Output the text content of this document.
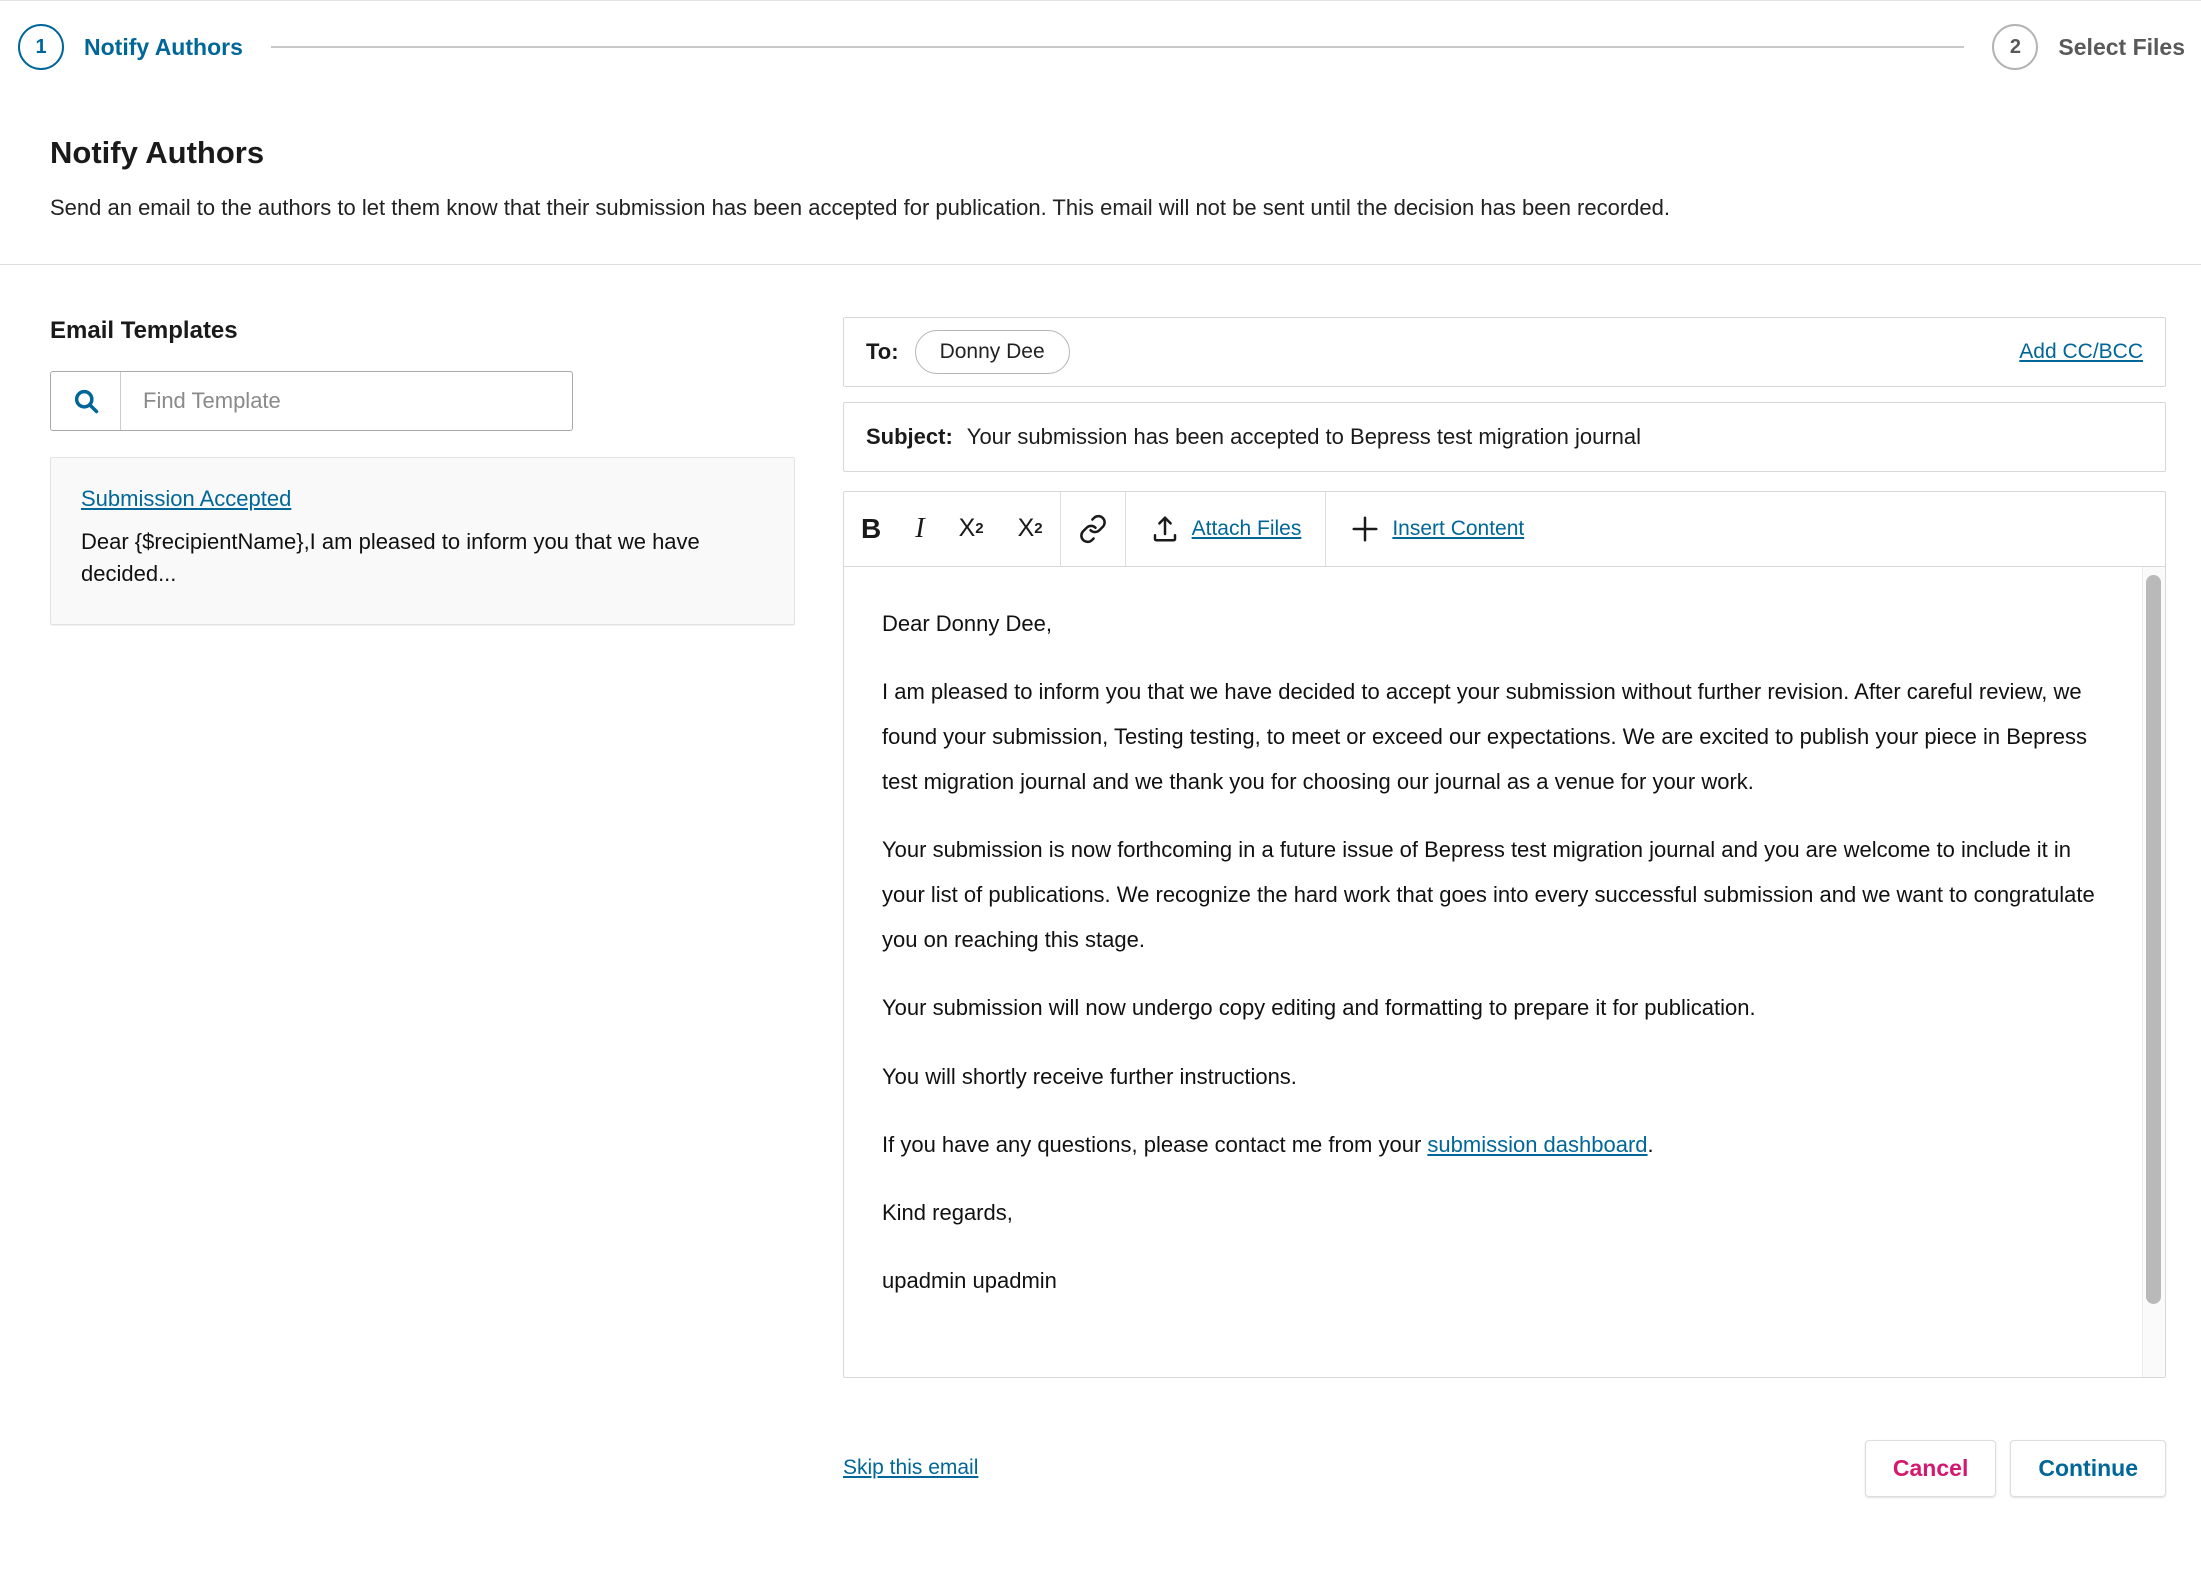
1 Notify Authors	2 Select Files
Notify Authors

Send an email to the authors to let them know that their submission has been accepted for publication. This email will not be sent until the decision has been recorded.

Email Templates
Find Template
Submission Accepted

Dear {$recipientName},I am pleased to inform you that we have decided...

To:	Donny Dee	Add CC/BCC
Subject: Your submission has been accepted to Bepress test migration journal
B I X 2 X 2	Attach Files	Insert Content

Dear Donny Dee,

I am pleased to inform you that we have decided to accept your submission without further revision. After careful review, we found your submission, Testing testing, to meet or exceed our expectations. We are excited to publish your piece in Bepress test migration journal and we thank you for choosing our journal as a venue for your work.

Your submission is now forthcoming in a future issue of Bepress test migration journal and you are welcome to include it in your list of publications. We recognize the hard work that goes into every successful submission and we want to congratulate you on reaching this stage.

Your submission will now undergo copy editing and formatting to prepare it for publication.

You will shortly receive further instructions.

If you have any questions, please contact me from your submission dashboard.

Kind regards,

upadmin upadmin

Skip this email	Cancel	Continue
